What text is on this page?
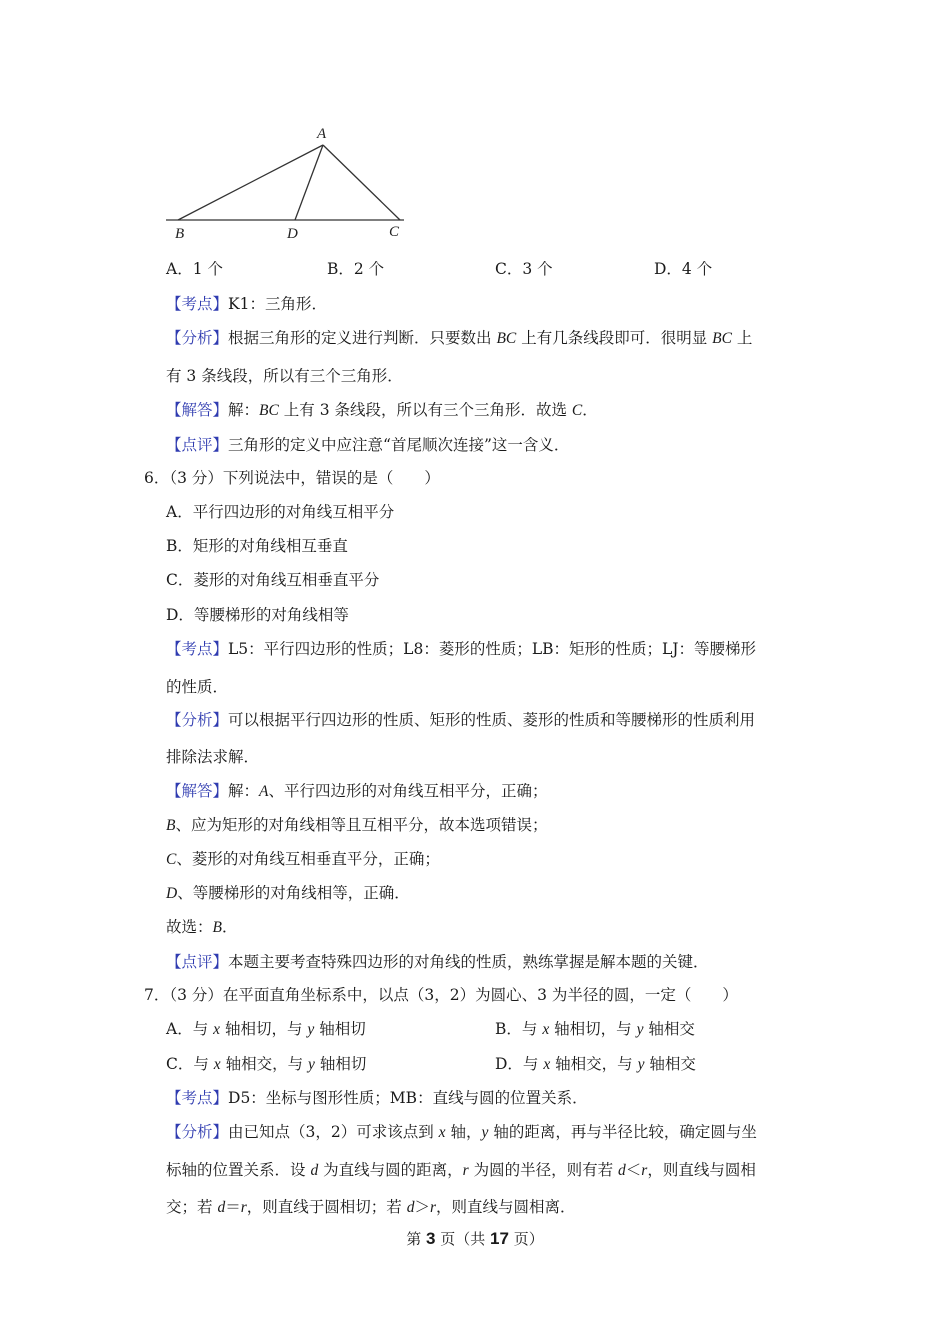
A
B	D	C
A．1 个	B．2 个	C．3 个	D．4 个
【考点】K1：三角形．
【分析】根据三角形的定义进行判断．只要数出 BC 上有几条线段即可．很明显 BC 上
有 3 条线段，所以有三个三角形．
【解答】解：BC 上有 3 条线段，所以有三个三角形．故选 C．
【点评】三角形的定义中应注意“首尾顺次连接”这一含义．
6．（3 分）下列说法中，错误的是（　　）
A．平行四边形的对角线互相平分
B．矩形的对角线相互垂直
C．菱形的对角线互相垂直平分
D．等腰梯形的对角线相等
【考点】L5：平行四边形的性质；L8：菱形的性质；LB：矩形的性质；LJ：等腰梯形
的性质．
【分析】可以根据平行四边形的性质、矩形的性质、菱形的性质和等腰梯形的性质利用
排除法求解．
【解答】解：A、平行四边形的对角线互相平分，正确；
B、应为矩形的对角线相等且互相平分，故本选项错误；
C、菱形的对角线互相垂直平分，正确；
D、等腰梯形的对角线相等，正确．
故选：B．
【点评】本题主要考查特殊四边形的对角线的性质，熟练掌握是解本题的关键．
7．（3 分）在平面直角坐标系中，以点（3，2）为圆心、3 为半径的圆，一定（　　）
A．与 x 轴相切，与 y 轴相切	B．与 x 轴相切，与 y 轴相交
C．与 x 轴相交，与 y 轴相切	D．与 x 轴相交，与 y 轴相交
【考点】D5：坐标与图形性质；MB：直线与圆的位置关系．
【分析】由已知点（3，2）可求该点到 x 轴，y 轴的距离，再与半径比较，确定圆与坐
标轴的位置关系．设 d 为直线与圆的距离，r 为圆的半径，则有若 d＜r，则直线与圆相
交；若 d＝r，则直线于圆相切；若 d＞r，则直线与圆相离．
第 3 页（共 17 页）
